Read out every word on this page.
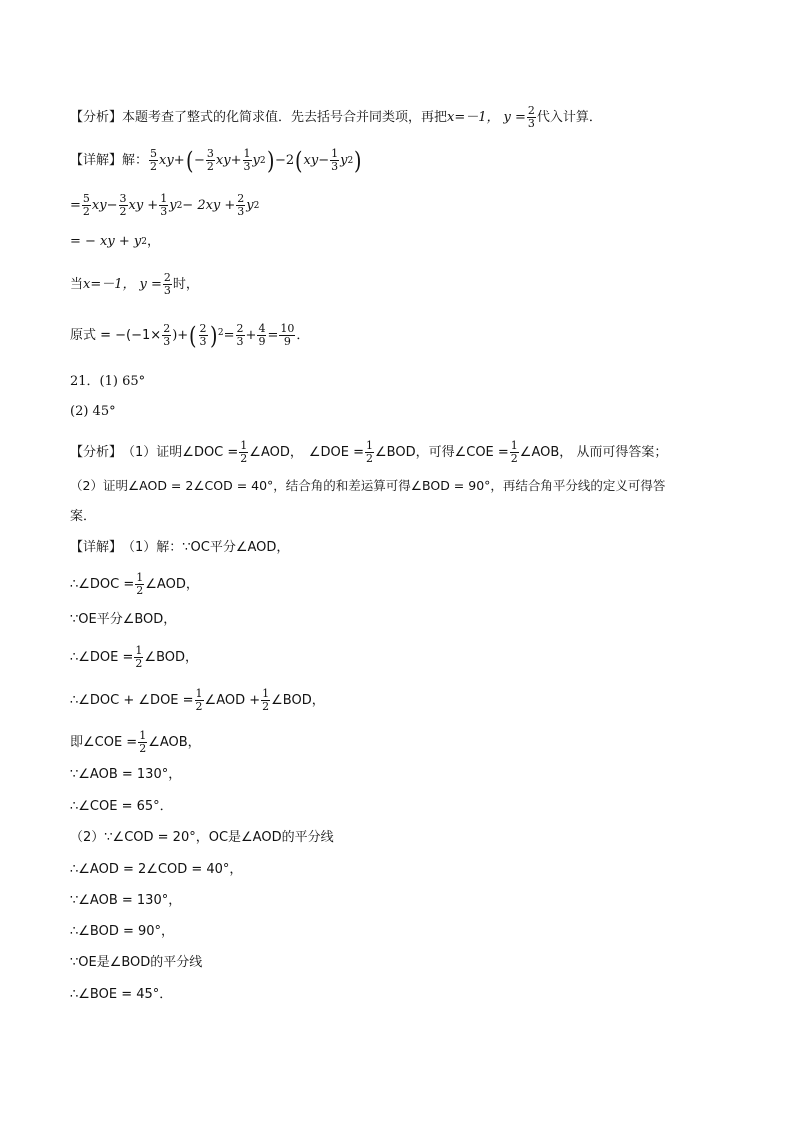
【分析】 本题考查了整式的化简求值．先去括号合并同类项，再把 x=－1， $y = \frac{2}{3}$ 代入计算．
【详解】 解： $\frac{5}{2}$ xy + ( − $\frac{3}{2}$ xy + $\frac{1}{3}$ y 2 ) − 2 ( xy − $\frac{1}{3}$ y 2 )
= $\frac{5}{2}$ xy − $\frac{3}{2}$ xy + $\frac{1}{3}$ y $2 - 2xy + \frac{2}{3}$ y 2
= − xy + y 2 ，
当 x=－1， $y = \frac{2}{3}$ 时，
原式 = $-(-1\times \frac{2}{3}$ )+ ( $\frac{2}{3}$ ) $2 = \frac{2}{3} + \frac{4}{9} = \frac{10}{9}$ ．
21．(1) 65°
(2) 45°
【分析】 （1）证明∠DOC = $\frac{1}{2}$ ∠AOD， ∠DOE = $\frac{1}{2}$ ∠BOD，可得∠COE = $\frac{1}{2}$ ∠AOB， 从而可得答案；
（2）证明∠AOD = 2∠COD = 40°，结合角的和差运算可得∠BOD = 90°，再结合角平分线的定义可得答
案．
【详解】 （1）解：∵OC平分∠AOD，
∴∠DOC = $\frac{1}{2}$ ∠AOD，
∵OE平分∠BOD，
∴∠DOE = $\frac{1}{2}$ ∠BOD，
∴∠DOC + ∠DOE = $\frac{1}{2}$ ∠AOD + $\frac{1}{2}$ ∠BOD，
即∠COE = $\frac{1}{2}$ ∠AOB，
∵∠AOB = 130°，
∴∠COE = 65°．
（2）∵∠COD = 20°，OC是∠AOD的平分线
∴∠AOD = 2∠COD = 40°，
∵∠AOB = 130°，
∴∠BOD = 90°，
∵OE是∠BOD的平分线
∴∠BOE = 45°．
